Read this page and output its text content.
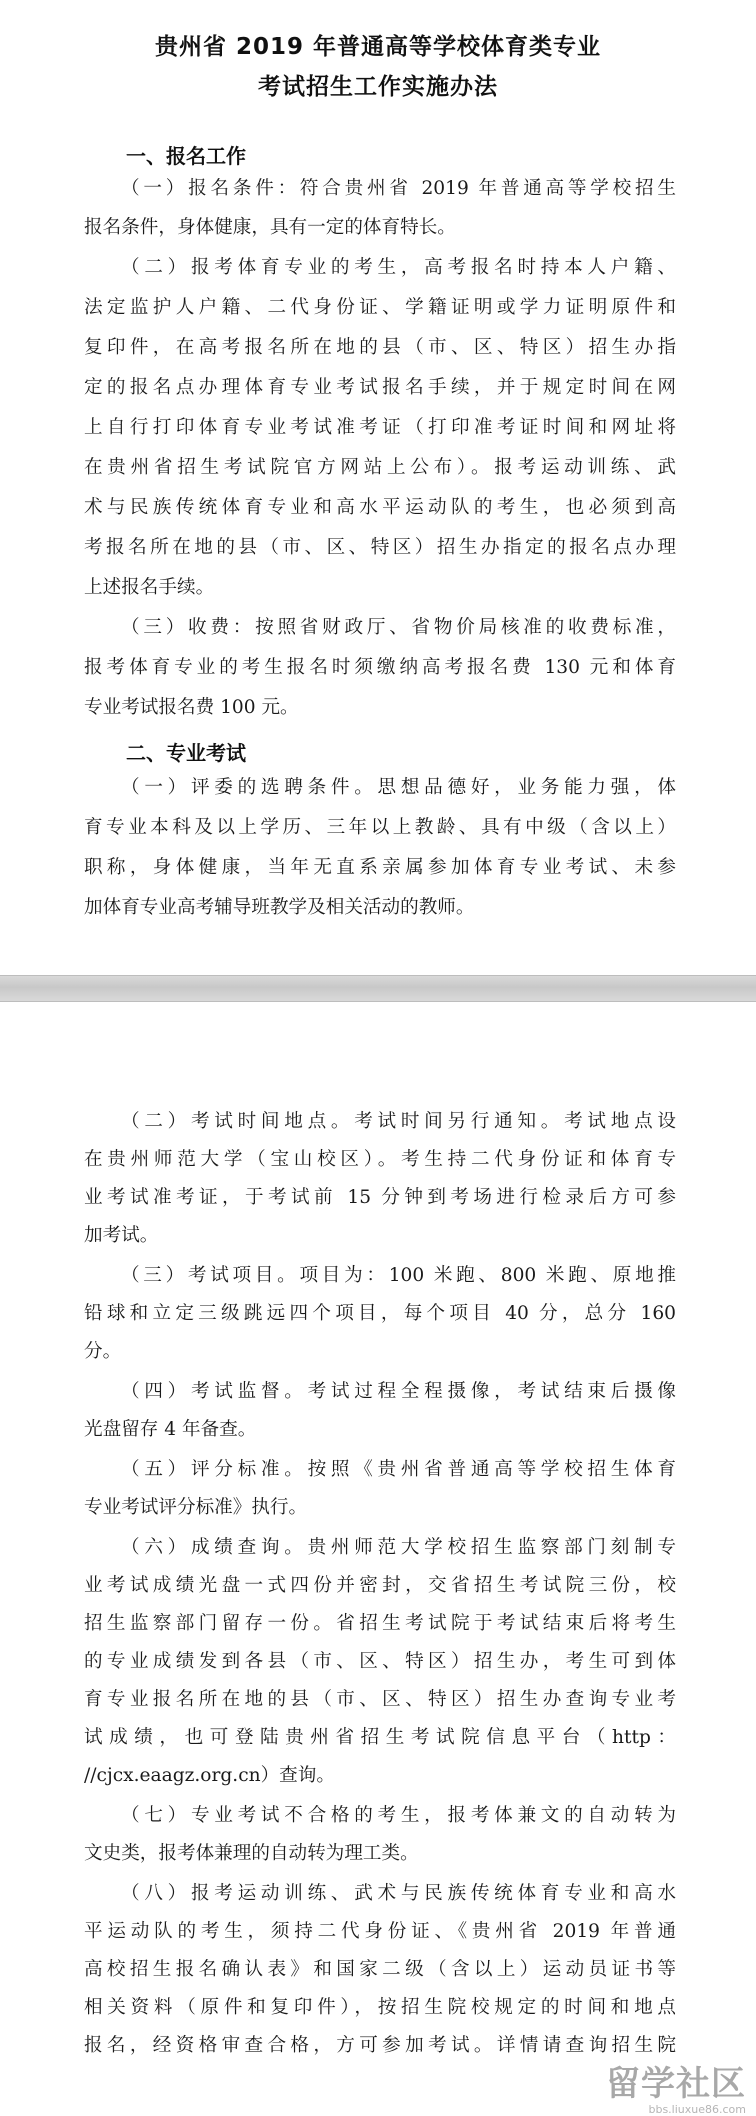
贵州省 2019 年普通高等学校体育类专业
考试招生工作实施办法
一、报名工作
（一）报名条件：符合贵州省 2019 年普通高等学校招生
报名条件，身体健康，具有一定的体育特长。
（二）报考体育专业的考生，高考报名时持本人户籍、
法定监护人户籍、二代身份证、学籍证明或学力证明原件和
复印件，在高考报名所在地的县（市、区、特区）招生办指
定的报名点办理体育专业考试报名手续，并于规定时间在网
上自行打印体育专业考试准考证（打印准考证时间和网址将
在贵州省招生考试院官方网站上公布）。报考运动训练、武
术与民族传统体育专业和高水平运动队的考生，也必须到高
考报名所在地的县（市、区、特区）招生办指定的报名点办理
上述报名手续。
（三）收费：按照省财政厅、省物价局核准的收费标准，
报考体育专业的考生报名时须缴纳高考报名费 130 元和体育
专业考试报名费 100 元。
二、专业考试
（一）评委的选聘条件。思想品德好，业务能力强，体
育专业本科及以上学历、三年以上教龄、具有中级（含以上）
职称，身体健康，当年无直系亲属参加体育专业考试、未参
加体育专业高考辅导班教学及相关活动的教师。
（二）考试时间地点。考试时间另行通知。考试地点设
在贵州师范大学（宝山校区）。考生持二代身份证和体育专
业考试准考证，于考试前 15 分钟到考场进行检录后方可参
加考试。
（三）考试项目。项目为：100 米跑、800 米跑、原地推
铅球和立定三级跳远四个项目，每个项目 40 分，总分 160
分。
（四）考试监督。考试过程全程摄像，考试结束后摄像
光盘留存 4 年备查。
（五）评分标准。按照《贵州省普通高等学校招生体育
专业考试评分标准》执行。
（六）成绩查询。贵州师范大学校招生监察部门刻制专
业考试成绩光盘一式四份并密封，交省招生考试院三份，校
招生监察部门留存一份。省招生考试院于考试结束后将考生
的专业成绩发到各县（市、区、特区）招生办，考生可到体
育专业报名所在地的县（市、区、特区）招生办查询专业考
试成绩，也可登陆贵州省招生考试院信息平台（http：
//cjcx.eaagz.org.cn）查询。
（七）专业考试不合格的考生，报考体兼文的自动转为
文史类，报考体兼理的自动转为理工类。
（八）报考运动训练、武术与民族传统体育专业和高水
平运动队的考生，须持二代身份证、《贵州省 2019 年普通
高校招生报名确认表》和国家二级（含以上）运动员证书等
相关资料（原件和复印件），按招生院校规定的时间和地点
报名，经资格审查合格，方可参加考试。详情请查询招生院
留学社区
bbs.liuxue86.com
